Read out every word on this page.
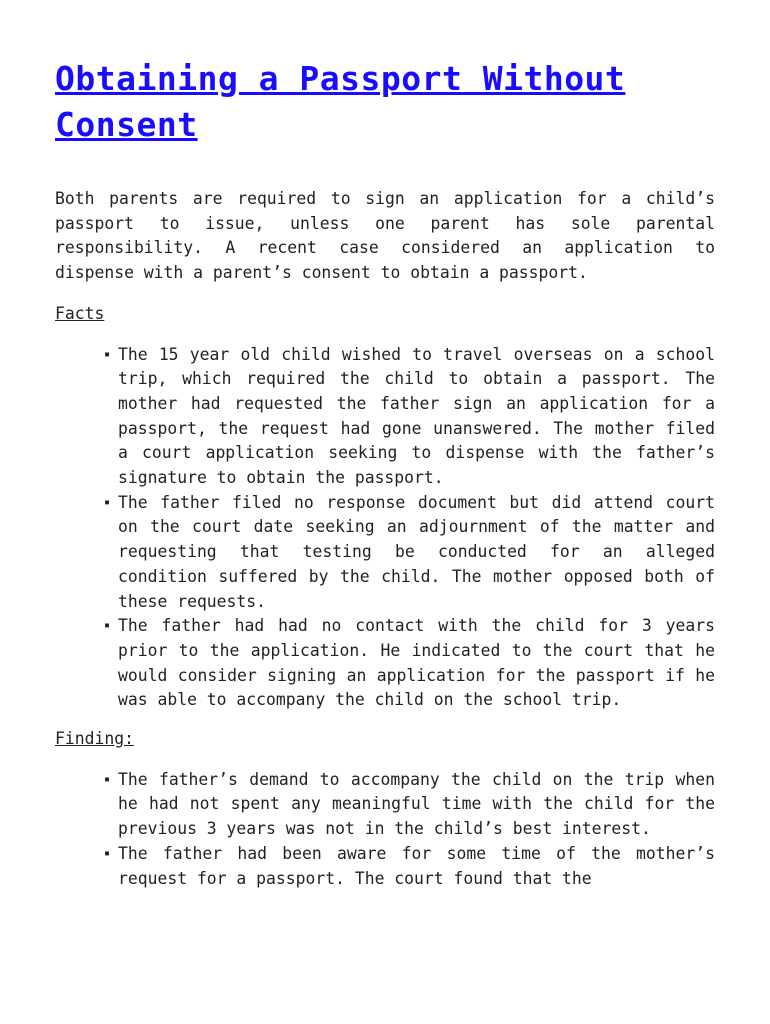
Obtaining a Passport Without Consent

Both parents are required to sign an application for a child’s passport to issue, unless one parent has sole parental responsibility. A recent case considered an application to dispense with a parent’s consent to obtain a passport.

Facts
▪ The 15 year old child wished to travel overseas on a school trip, which required the child to obtain a passport. The mother had requested the father sign an application for a passport, the request had gone unanswered. The mother filed a court application seeking to dispense with the father’s signature to obtain the passport.
▪ The father filed no response document but did attend court on the court date seeking an adjournment of the matter and requesting that testing be conducted for an alleged condition suffered by the child. The mother opposed both of these requests.
▪ The father had had no contact with the child for 3 years prior to the application. He indicated to the court that he would consider signing an application for the passport if he was able to accompany the child on the school trip.
Finding:
▪ The father’s demand to accompany the child on the trip when he had not spent any meaningful time with the child for the previous 3 years was not in the child’s best interest.
▪ The father had been aware for some time of the mother’s request for a passport. The court found that the
